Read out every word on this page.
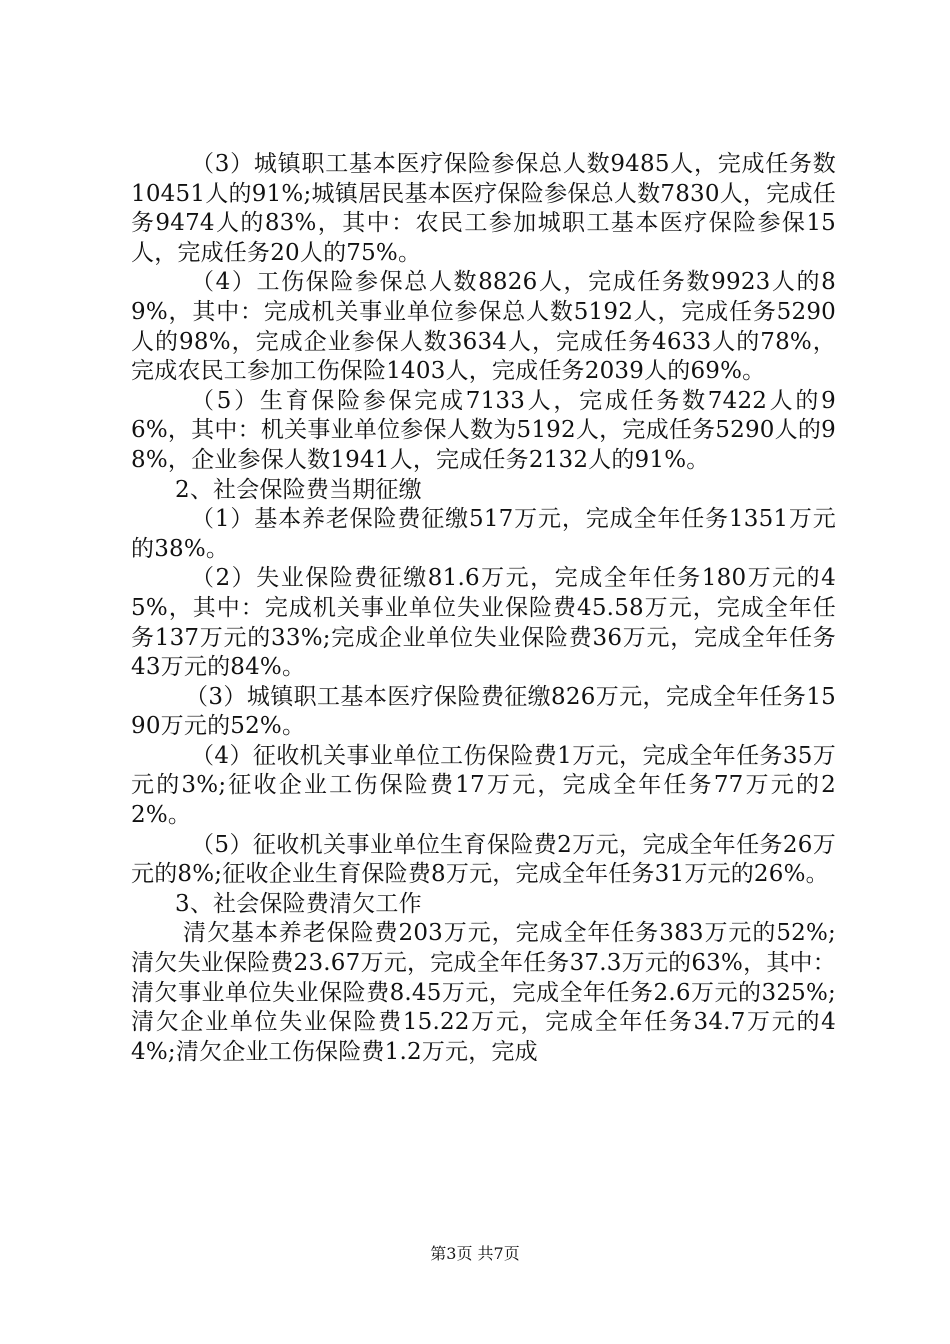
（3）城镇职工基本医疗保险参保总人数9485人，完成任务数10451人的91%;城镇居民基本医疗保险参保总人数7830人，完成任务9474人的83%，其中：农民工参加城职工基本医疗保险参保15人，完成任务20人的75%。

（4）工伤保险参保总人数8826人，完成任务数9923人的89%，其中：完成机关事业单位参保总人数5192人，完成任务5290人的98%，完成企业参保人数3634人，完成任务4633人的78%，完成农民工参加工伤保险1403人，完成任务2039人的69%。

（5）生育保险参保完成7133人，完成任务数7422人的96%，其中：机关事业单位参保人数为5192人，完成任务5290人的98%，企业参保人数1941人，完成任务2132人的91%。

2、社会保险费当期征缴

（1）基本养老保险费征缴517万元，完成全年任务1351万元的38%。

（2）失业保险费征缴81.6万元，完成全年任务180万元的45%，其中：完成机关事业单位失业保险费45.58万元，完成全年任务137万元的33%;完成企业单位失业保险费36万元，完成全年任务43万元的84%。

（3）城镇职工基本医疗保险费征缴826万元，完成全年任务1590万元的52%。

（4）征收机关事业单位工伤保险费1万元，完成全年任务35万元的3%;征收企业工伤保险费17万元，完成全年任务77万元的22%。

（5）征收机关事业单位生育保险费2万元，完成全年任务26万元的8%;征收企业生育保险费8万元，完成全年任务31万元的26%。

3、社会保险费清欠工作

清欠基本养老保险费203万元，完成全年任务383万元的52%;清欠失业保险费23.67万元，完成全年任务37.3万元的63%，其中：清欠事业单位失业保险费8.45万元，完成全年任务2.6万元的325%;清欠企业单位失业保险费15.22万元，完成全年任务34.7万元的44%;清欠企业工伤保险费1.2万元，完成

第3页 共7页
